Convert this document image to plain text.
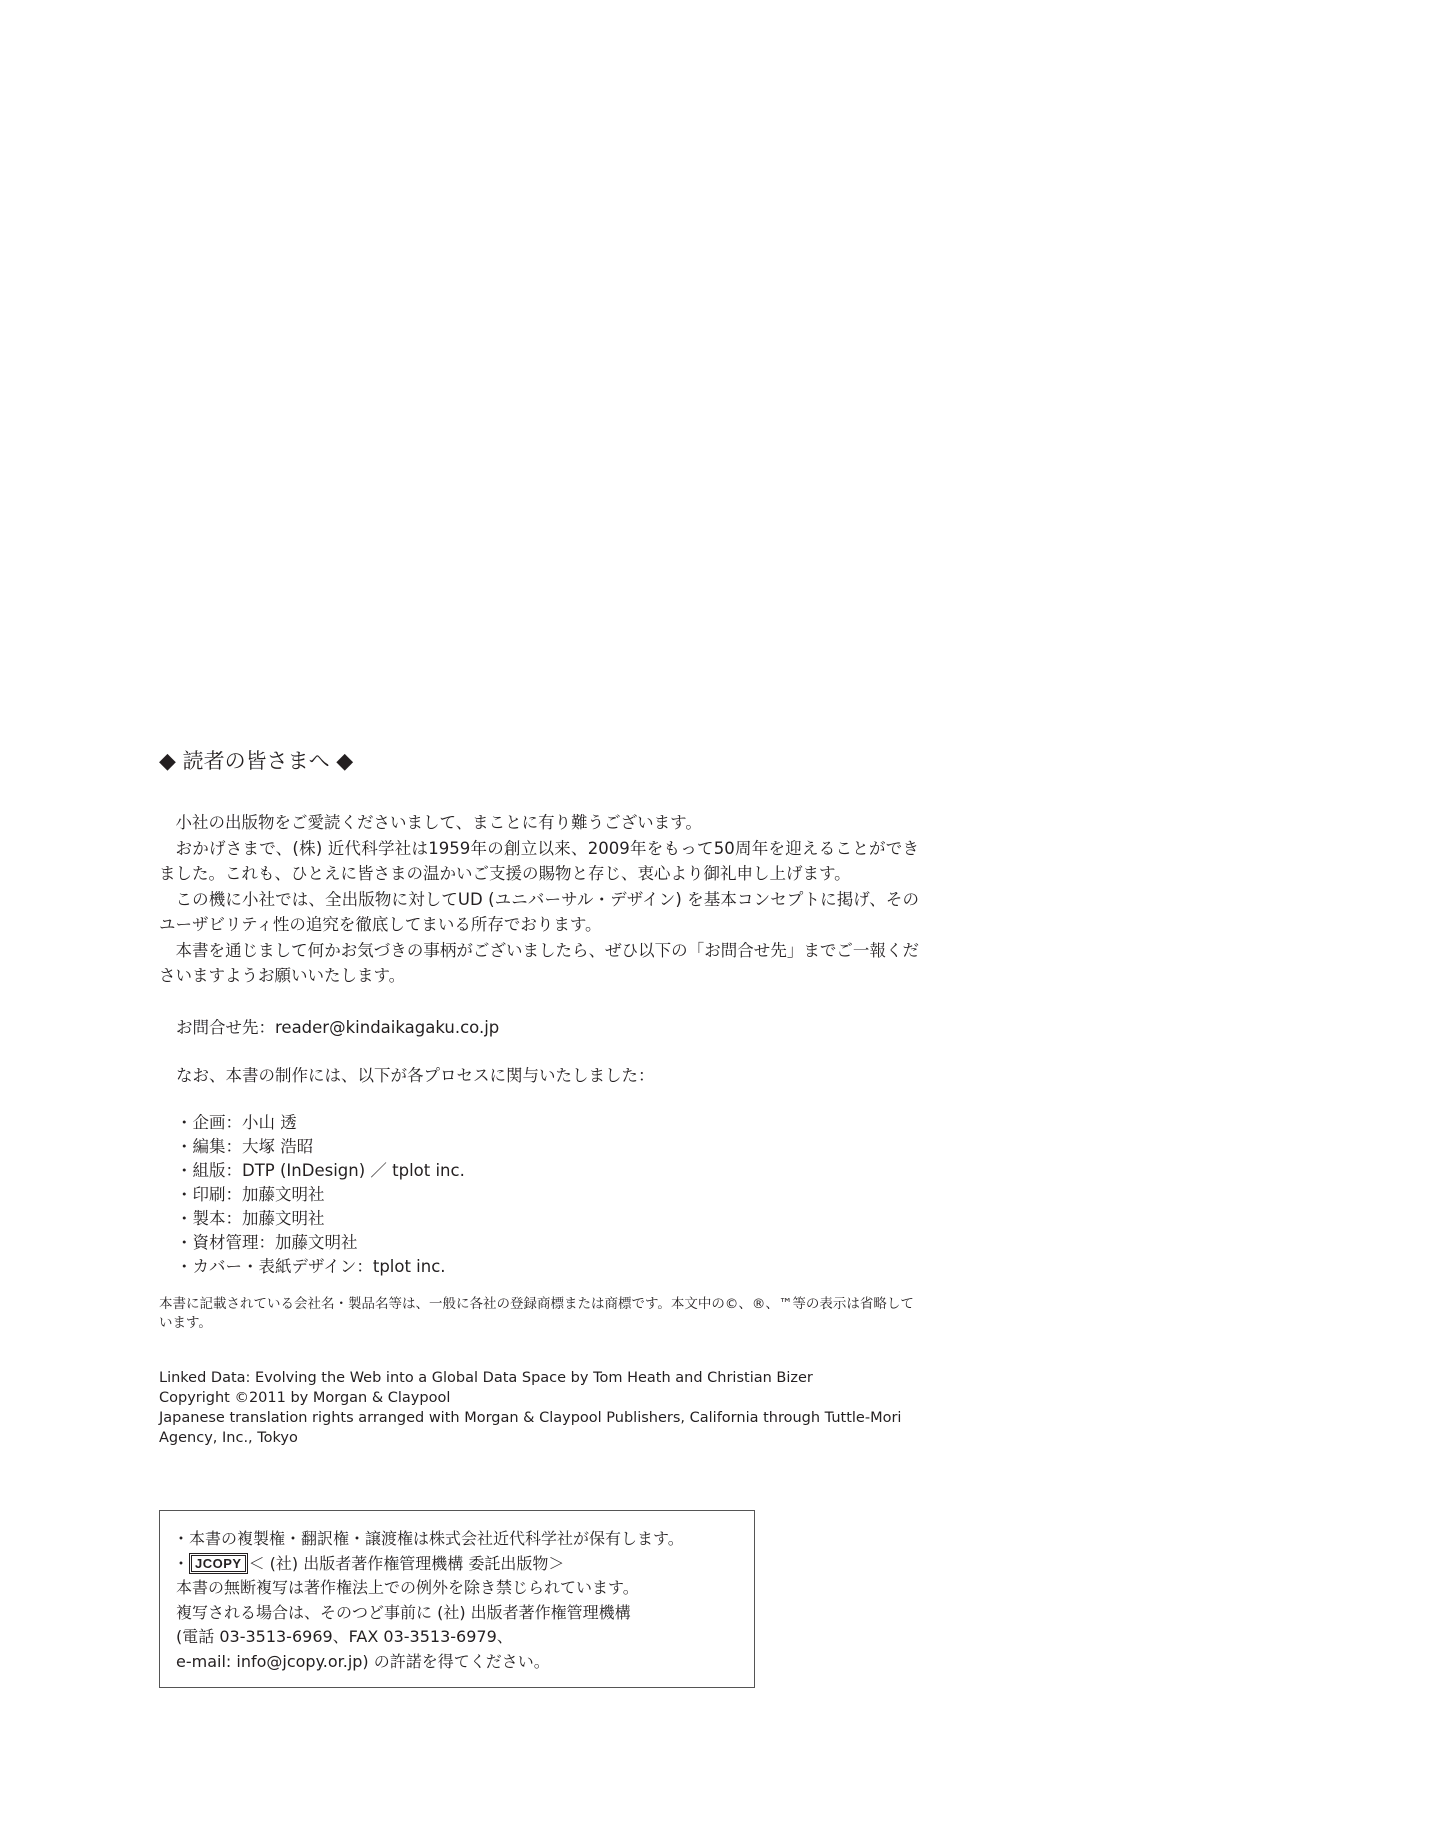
◆ 読者の皆さまへ ◆

小社の出版物をご愛読くださいまして、まことに有り難うございます。

おかげさまで、(株) 近代科学社は1959年の創立以来、2009年をもって50周年を迎えることができました。これも、ひとえに皆さまの温かいご支援の賜物と存じ、衷心より御礼申し上げます。

この機に小社では、全出版物に対してUD (ユニバーサル・デザイン) を基本コンセプトに掲げ、そのユーザビリティ性の追究を徹底してまいる所存でおります。

本書を通じまして何かお気づきの事柄がございましたら、ぜひ以下の「お問合せ先」までご一報くださいますようお願いいたします。

お問合せ先：reader@kindaikagaku.co.jp
なお、本書の制作には、以下が各プロセスに関与いたしました：
・企画：小山 透
・編集：大塚 浩昭
・組版：DTP (InDesign) ／ tplot inc.
・印刷：加藤文明社
・製本：加藤文明社
・資材管理：加藤文明社
・カバー・表紙デザイン：tplot inc.
本書に記載されている会社名・製品名等は、一般に各社の登録商標または商標です。本文中の©、®、™等の表示は省略しています。
Linked Data: Evolving the Web into a Global Data Space by Tom Heath and Christian Bizer
Copyright ©2011 by Morgan & Claypool
Japanese translation rights arranged with Morgan & Claypool Publishers, California through Tuttle-Mori Agency, Inc., Tokyo
・本書の複製権・翻訳権・譲渡権は株式会社近代科学社が保有します。
・ JCOPY ＜ (社) 出版者著作権管理機構 委託出版物＞
本書の無断複写は著作権法上での例外を除き禁じられています。
複写される場合は、そのつど事前に (社) 出版者著作権管理機構
(電話 03-3513-6969、FAX 03-3513-6979、
e-mail: info@jcopy.or.jp) の許諾を得てください。
